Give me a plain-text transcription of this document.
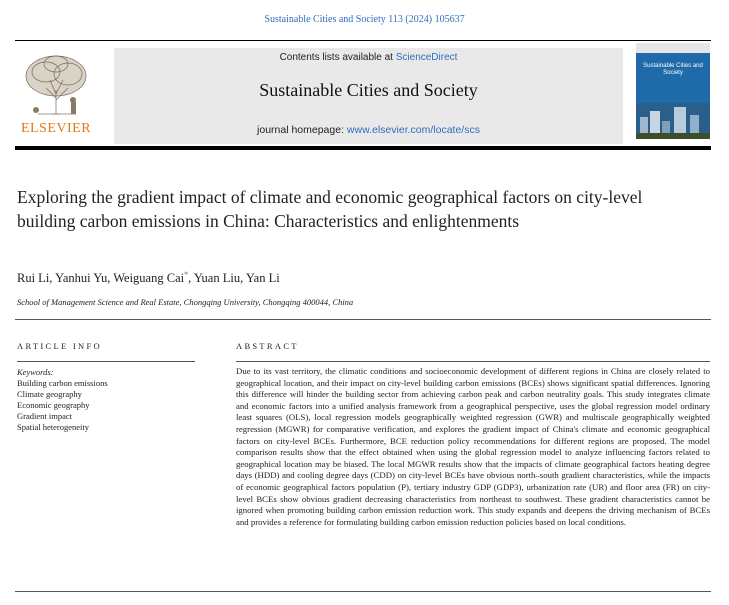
Sustainable Cities and Society 113 (2024) 105637
ELSEVIER
Contents lists available at ScienceDirect
Sustainable Cities and Society
journal homepage: www.elsevier.com/locate/scs
Sustainable Cities and Society
Exploring the gradient impact of climate and economic geographical factors on city-level building carbon emissions in China: Characteristics and enlightenments
Rui Li, Yanhui Yu, Weiguang Cai*, Yuan Liu, Yan Li
School of Management Science and Real Estate, Chongqing University, Chongqing 400044, China
ARTICLE INFO
Keywords:
Building carbon emissions
Climate geography
Economic geography
Gradient impact
Spatial heterogeneity
ABSTRACT
Due to its vast territory, the climatic conditions and socioeconomic development of different regions in China are closely related to geographical location, and their impact on city-level building carbon emissions (BCEs) shows significant spatial differences. Ignoring this difference will hinder the building sector from achieving carbon peak and carbon neutrality goals. This study integrates climate and economic factors into a unified analysis framework from a geographical perspective, uses the global regression model ordinary least squares (OLS), local regression models geographically weighted regression (GWR) and multiscale geographically weighted regression (MGWR) for comparative verification, and explores the gradient impact of China's climate and economic geographical factors on city-level BCEs. Furthermore, BCE reduction policy recommendations for different regions are proposed. The model comparison results show that the effect obtained when using the global regression model to analyze influencing factors related to geographical location may be biased. The local MGWR results show that the impacts of climate geographical factors heating degree days (HDD) and cooling degree days (CDD) on city-level BCEs have obvious north–south gradient characteristics, while the impacts of economic geographical factors population (P), tertiary industry GDP (GDP3), urbanization rate (UR) and floor area (FR) on city-level BCEs show obvious gradient decreasing characteristics from northeast to southwest. These gradient characteristics cannot be ignored when promoting building carbon emission reduction work. This study expands and deepens the driving mechanism of BCEs and provides a reference for formulating building carbon emission reduction policies based on local conditions.
